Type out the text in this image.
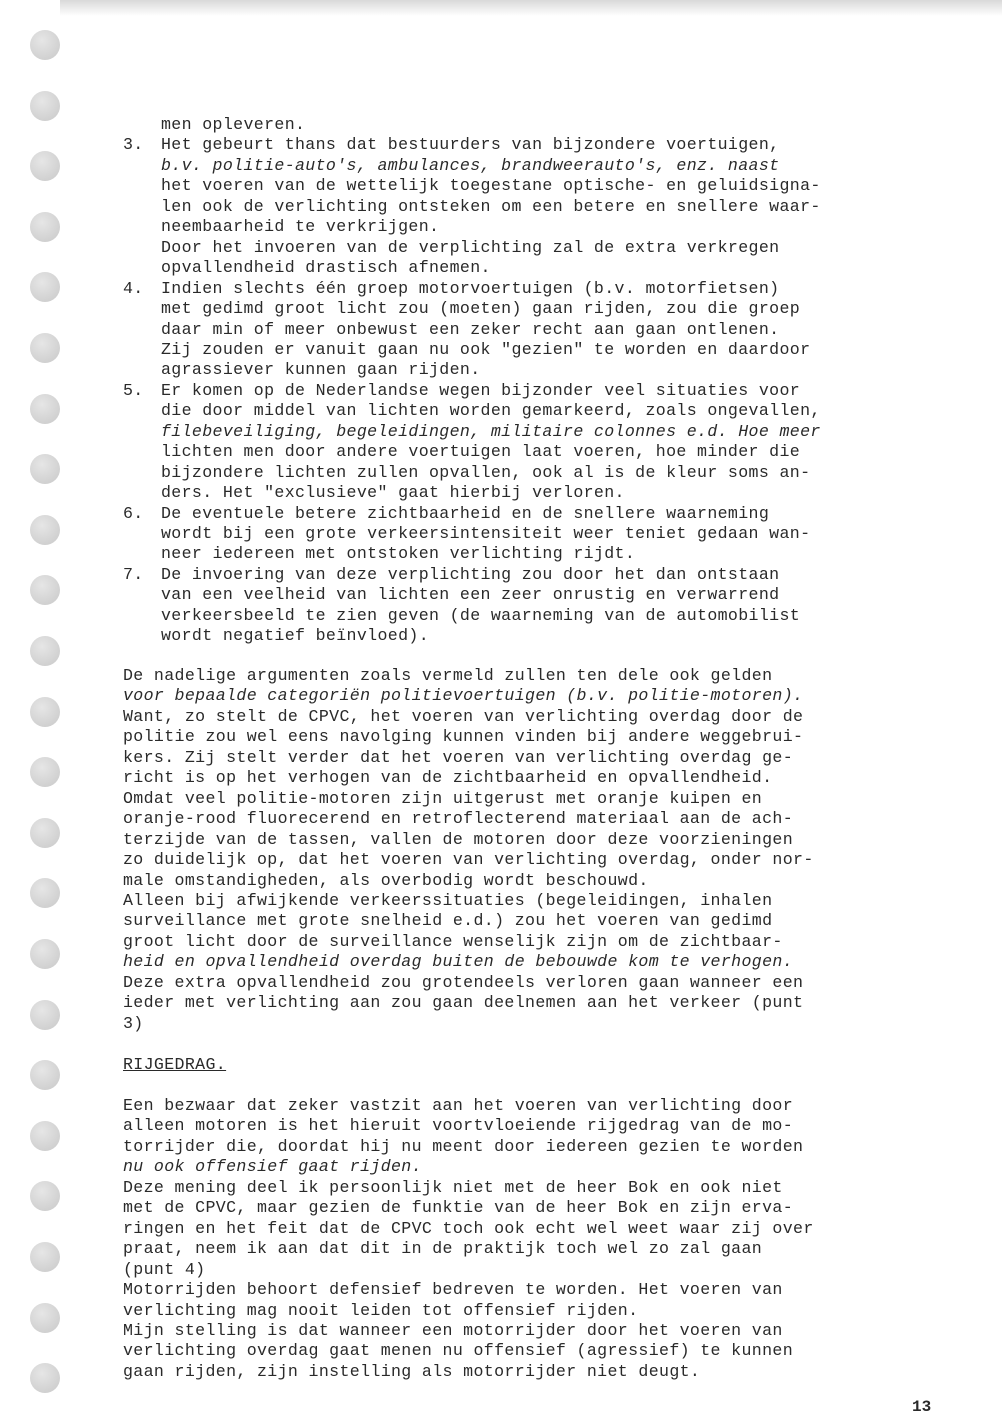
men opleveren.
3. Het gebeurt thans dat bestuurders van bijzondere voertuigen,
b.v. politie-auto's, ambulances, brandweerauto's, enz. naast
het voeren van de wettelijk toegestane optische- en geluidsigna-
len ook de verlichting ontsteken om een betere en snellere waar-
neembaarheid te verkrijgen.
Door het invoeren van de verplichting zal de extra verkregen
opvallendheid drastisch afnemen.
4. Indien slechts één groep motorvoertuigen (b.v. motorfietsen)
met gedimd groot licht zou (moeten) gaan rijden, zou die groep
daar min of meer onbewust een zeker recht aan gaan ontlenen.
Zij zouden er vanuit gaan nu ook "gezien" te worden en daardoor
agrassiever kunnen gaan rijden.
5. Er komen op de Nederlandse wegen bijzonder veel situaties voor
die door middel van lichten worden gemarkeerd, zoals ongevallen,
filebeveiliging, begeleidingen, militaire colonnes e.d. Hoe meer
lichten men door andere voertuigen laat voeren, hoe minder die
bijzondere lichten zullen opvallen, ook al is de kleur soms an-
ders. Het "exclusieve" gaat hierbij verloren.
6. De eventuele betere zichtbaarheid en de snellere waarneming
wordt bij een grote verkeersintensiteit weer teniet gedaan wan-
neer iedereen met ontstoken verlichting rijdt.
7. De invoering van deze verplichting zou door het dan ontstaan
van een veelheid van lichten een zeer onrustig en verwarrend
verkeersbeeld te zien geven (de waarneming van de automobilist
wordt negatief beïnvloed).
De nadelige argumenten zoals vermeld zullen ten dele ook gelden
voor bepaalde categoriën politievoertuigen (b.v. politie-motoren).
Want, zo stelt de CPVC, het voeren van verlichting overdag door de
politie zou wel eens navolging kunnen vinden bij andere weggebrui-
kers. Zij stelt verder dat het voeren van verlichting overdag ge-
richt is op het verhogen van de zichtbaarheid en opvallendheid.
Omdat veel politie-motoren zijn uitgerust met oranje kuipen en
oranje-rood fluorecerend en retroflecterend materiaal aan de ach-
terzijde van de tassen, vallen de motoren door deze voorzieningen
zo duidelijk op, dat het voeren van verlichting overdag, onder nor-
male omstandigheden, als overbodig wordt beschouwd.
Alleen bij afwijkende verkeerssituaties (begeleidingen, inhalen
surveillance met grote snelheid e.d.) zou het voeren van gedimd
groot licht door de surveillance wenselijk zijn om de zichtbaar-
heid en opvallendheid overdag buiten de bebouwde kom te verhogen.
Deze extra opvallendheid zou grotendeels verloren gaan wanneer een
ieder met verlichting aan zou gaan deelnemen aan het verkeer (punt
3)
RIJGEDRAG.
Een bezwaar dat zeker vastzit aan het voeren van verlichting door
alleen motoren is het hieruit voortvloeiende rijgedrag van de mo-
torrijder die, doordat hij nu meent door iedereen gezien te worden
nu ook offensief gaat rijden.
Deze mening deel ik persoonlijk niet met de heer Bok en ook niet
met de CPVC, maar gezien de funktie van de heer Bok en zijn erva-
ringen en het feit dat de CPVC toch ook echt wel weet waar zij over
praat, neem ik aan dat dit in de praktijk toch wel zo zal gaan
(punt 4)
Motorrijden behoort defensief bedreven te worden. Het voeren van
verlichting mag nooit leiden tot offensief rijden.
Mijn stelling is dat wanneer een motorrijder door het voeren van
verlichting overdag gaat menen nu offensief (agressief) te kunnen
gaan rijden, zijn instelling als motorrijder niet deugt.
13
